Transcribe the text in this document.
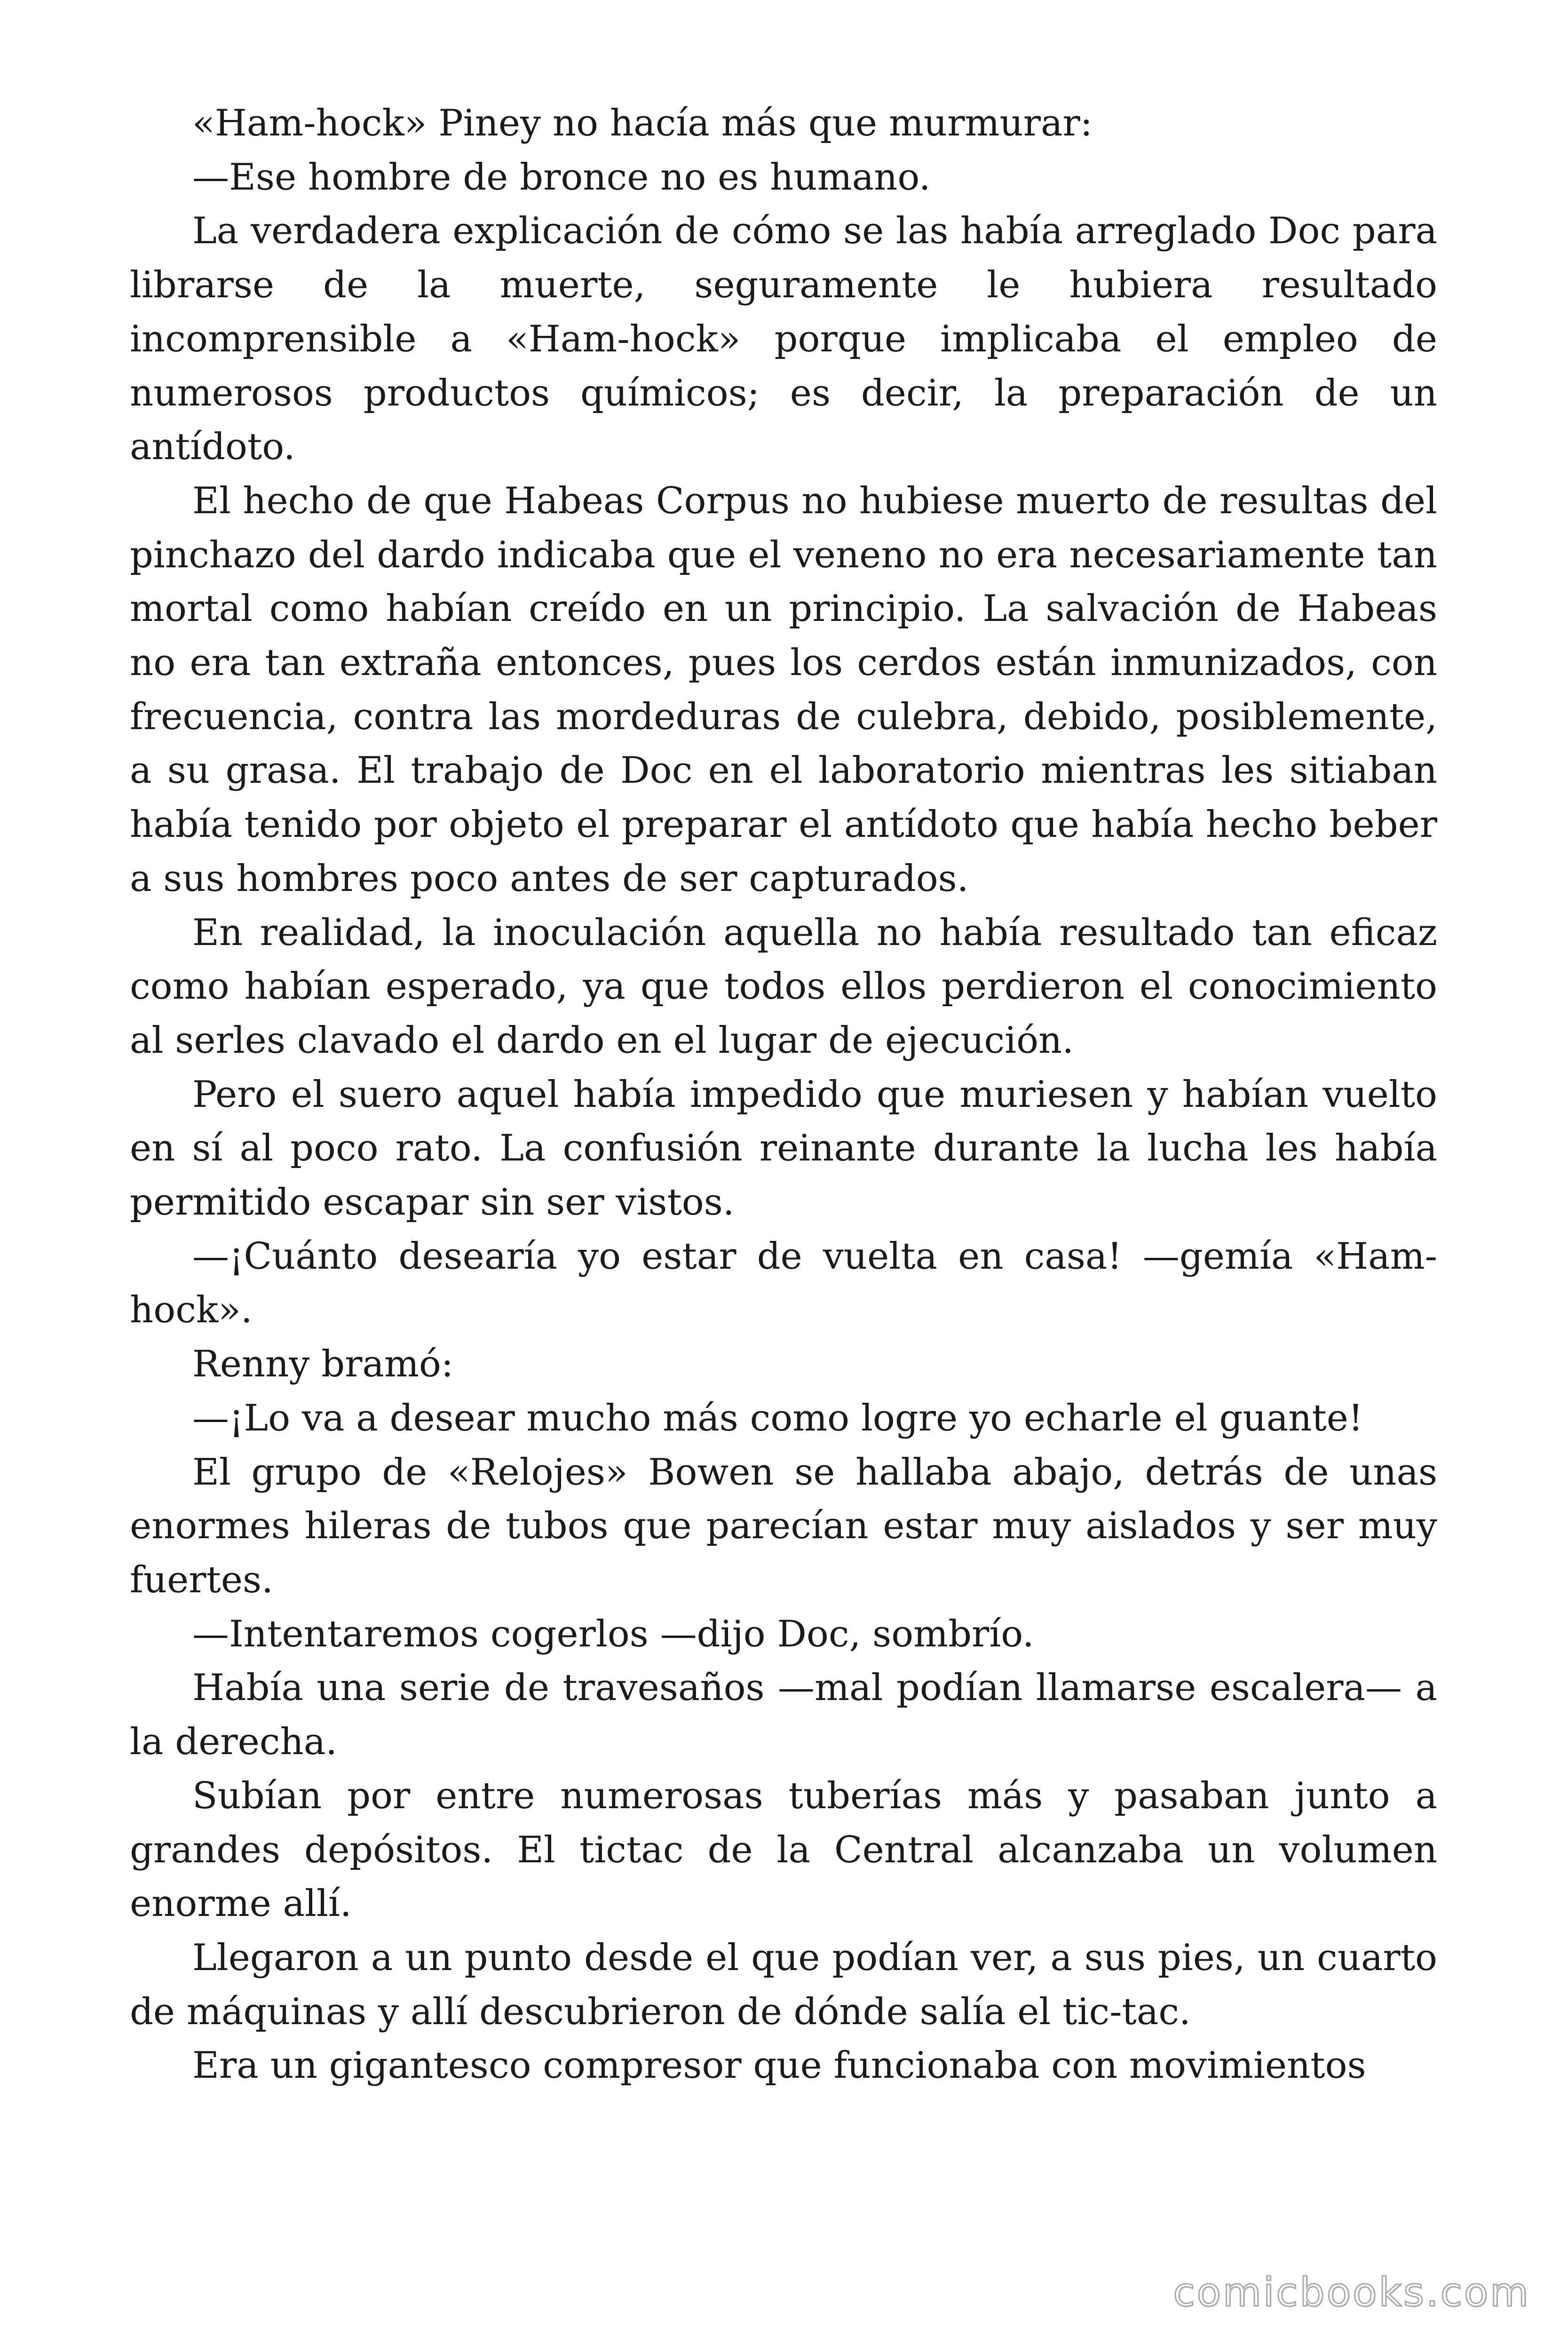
«Ham-hock» Piney no hacía más que murmurar:

—Ese hombre de bronce no es humano.

La verdadera explicación de cómo se las había arreglado Doc para librarse de la muerte, seguramente le hubiera resultado incomprensible a «Ham-hock» porque implicaba el empleo de numerosos productos químicos; es decir, la preparación de un antídoto.

El hecho de que Habeas Corpus no hubiese muerto de resultas del pinchazo del dardo indicaba que el veneno no era necesariamente tan mortal como habían creído en un principio. La salvación de Habeas no era tan extraña entonces, pues los cerdos están inmunizados, con frecuencia, contra las mordeduras de culebra, debido, posiblemente, a su grasa. El trabajo de Doc en el laboratorio mientras les sitiaban había tenido por objeto el preparar el antídoto que había hecho beber a sus hombres poco antes de ser capturados.

En realidad, la inoculación aquella no había resultado tan eficaz como habían esperado, ya que todos ellos perdieron el conocimiento al serles clavado el dardo en el lugar de ejecución.

Pero el suero aquel había impedido que muriesen y habían vuelto en sí al poco rato. La confusión reinante durante la lucha les había permitido escapar sin ser vistos.

—¡Cuánto desearía yo estar de vuelta en casa! —gemía «Ham-hock».

Renny bramó:

—¡Lo va a desear mucho más como logre yo echarle el guante!

El grupo de «Relojes» Bowen se hallaba abajo, detrás de unas enormes hileras de tubos que parecían estar muy aislados y ser muy fuertes.

—Intentaremos cogerlos —dijo Doc, sombrío.

Había una serie de travesaños —mal podían llamarse escalera— a la derecha.

Subían por entre numerosas tuberías más y pasaban junto a grandes depósitos. El tictac de la Central alcanzaba un volumen enorme allí.

Llegaron a un punto desde el que podían ver, a sus pies, un cuarto de máquinas y allí descubrieron de dónde salía el tic-tac.

Era un gigantesco compresor que funcionaba con movimientos

comicbooks.com
